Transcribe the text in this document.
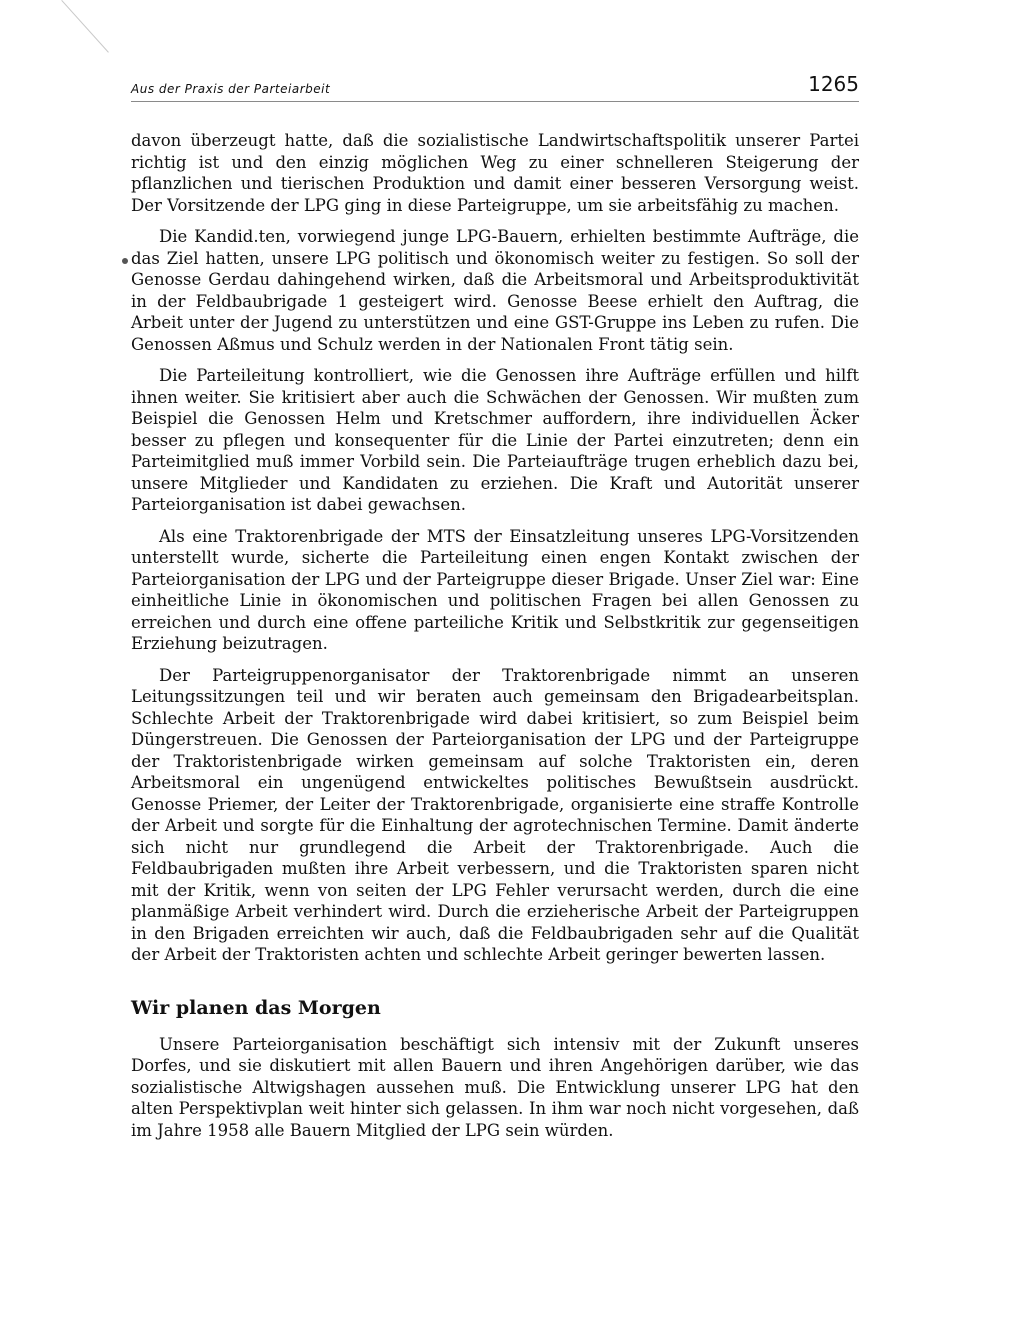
Aus der Praxis der Parteiarbeit	1265

davon überzeugt hatte, daß die sozialistische Landwirtschaftspolitik unserer Partei richtig ist und den einzig möglichen Weg zu einer schnelleren Steigerung der pflanzlichen und tierischen Produktion und damit einer besseren Versorgung weist. Der Vorsitzende der LPG ging in diese Parteigruppe, um sie arbeitsfähig zu machen.

Die Kandid.ten, vorwiegend junge LPG-Bauern, erhielten bestimmte Aufträge, die das Ziel hatten, unsere LPG politisch und ökonomisch weiter zu festigen. So soll der Genosse Gerdau dahingehend wirken, daß die Arbeitsmoral und Arbeitsproduktivität in der Feldbaubrigade 1 gesteigert wird. Genosse Beese erhielt den Auftrag, die Arbeit unter der Jugend zu unterstützen und eine GST-Gruppe ins Leben zu rufen. Die Genossen Aßmus und Schulz werden in der Nationalen Front tätig sein.

Die Parteileitung kontrolliert, wie die Genossen ihre Aufträge erfüllen und hilft ihnen weiter. Sie kritisiert aber auch die Schwächen der Genossen. Wir mußten zum Beispiel die Genossen Helm und Kretschmer auffordern, ihre individuellen Äcker besser zu pflegen und konsequenter für die Linie der Partei einzutreten; denn ein Parteimitglied muß immer Vorbild sein. Die Parteiaufträge trugen erheblich dazu bei, unsere Mitglieder und Kandidaten zu erziehen. Die Kraft und Autorität unserer Parteiorganisation ist dabei gewachsen.

Als eine Traktorenbrigade der MTS der Einsatzleitung unseres LPG-Vorsitzenden unterstellt wurde, sicherte die Parteileitung einen engen Kontakt zwischen der Parteiorganisation der LPG und der Parteigruppe dieser Brigade. Unser Ziel war: Eine einheitliche Linie in ökonomischen und politischen Fragen bei allen Genossen zu erreichen und durch eine offene parteiliche Kritik und Selbstkritik zur gegenseitigen Erziehung beizutragen.

Der Parteigruppenorganisator der Traktorenbrigade nimmt an unseren Leitungssitzungen teil und wir beraten auch gemeinsam den Brigadearbeitsplan. Schlechte Arbeit der Traktorenbrigade wird dabei kritisiert, so zum Beispiel beim Düngerstreuen. Die Genossen der Parteiorganisation der LPG und der Parteigruppe der Traktoristenbrigade wirken gemeinsam auf solche Traktoristen ein, deren Arbeitsmoral ein ungenügend entwickeltes politisches Bewußtsein ausdrückt. Genosse Priemer, der Leiter der Traktorenbrigade, organisierte eine straffe Kontrolle der Arbeit und sorgte für die Einhaltung der agrotechnischen Termine. Damit änderte sich nicht nur grundlegend die Arbeit der Traktorenbrigade. Auch die Feldbaubrigaden mußten ihre Arbeit verbessern, und die Traktoristen sparen nicht mit der Kritik, wenn von seiten der LPG Fehler verursacht werden, durch die eine planmäßige Arbeit verhindert wird. Durch die erzieherische Arbeit der Parteigruppen in den Brigaden erreichten wir auch, daß die Feldbaubrigaden sehr auf die Qualität der Arbeit der Traktoristen achten und schlechte Arbeit geringer bewerten lassen.

Wir planen das Morgen

Unsere Parteiorganisation beschäftigt sich intensiv mit der Zukunft unseres Dorfes, und sie diskutiert mit allen Bauern und ihren Angehörigen darüber, wie das sozialistische Altwigshagen aussehen muß. Die Entwicklung unserer LPG hat den alten Perspektivplan weit hinter sich gelassen. In ihm war noch nicht vorgesehen, daß im Jahre 1958 alle Bauern Mitglied der LPG sein würden.
